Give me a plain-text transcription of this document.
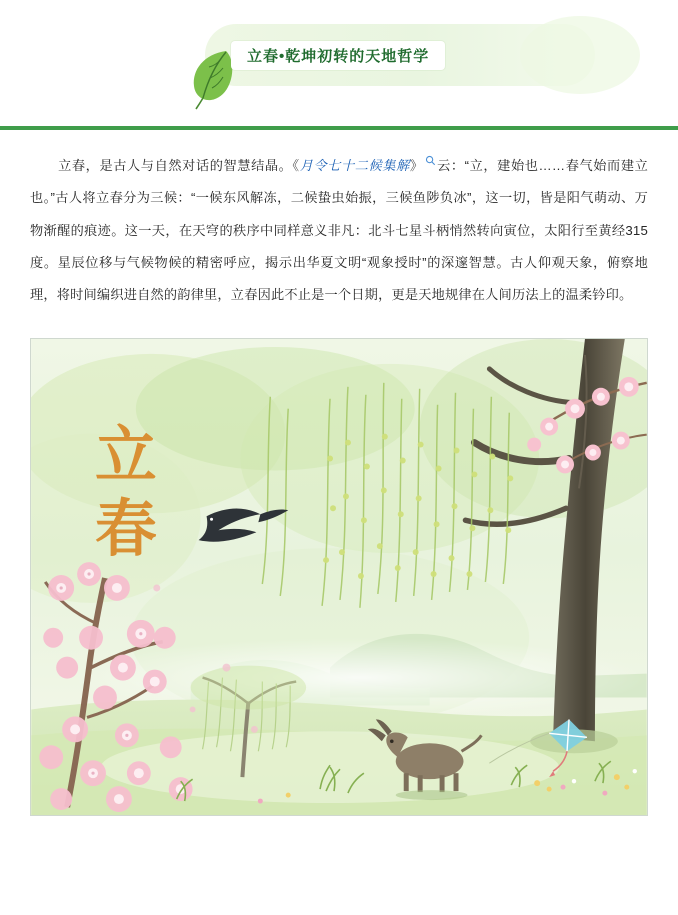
立春•乾坤初转的天地哲学

立春，是古人与自然对话的智慧结晶。《月令七十二候集解》 云：“立，建始也……春气始而建立也。”古人将立春分为三候：“一候东风解冻，二候蛰虫始振，三候鱼陟负冰”，这一切，皆是阳气萌动、万物渐醒的痕迹。这一天，在天穹的秩序中同样意义非凡：北斗七星斗柄悄然转向寅位，太阳行至黄经315度。星辰位移与气候物候的精密呼应，揭示出华夏文明“观象授时”的深邃智慧。古人仰观天象，俯察地理，将时间编织进自然的韵律里，立春因此不止是一个日期，更是天地规律在人间历法上的温柔钤印。

立
春
